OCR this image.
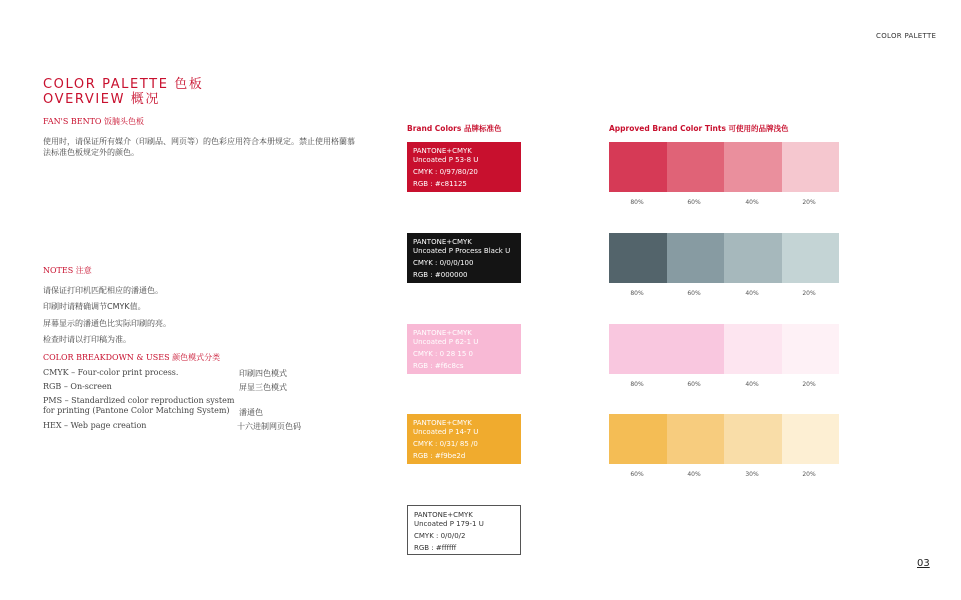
COLOR PALETTE
COLOR PALETTE 色板
OVERVIEW 概况
FAN'S BENTO 饭腩头色板
使用时，请保证所有媒介（印刷品、网页等）的色彩应用符合本册规定。禁止使用格蘭慕法标准色板规定外的颜色。
NOTES 注意
请保证打印机匹配相应的潘通色。
印刷时请精确调节CMYK值。
屏幕显示的潘通色比实际印刷的亮。
检查时请以打印稿为准。
COLOR BREAKDOWN & USES 颜色模式分类
CMYK – Four-color print process.	印刷四色模式
RGB – On-screen	屏显三色模式
PMS – Standardized color reproduction system for printing (Pantone Color Matching System)	潘通色
HEX – Web page creation	十六进制网页色码
Brand Colors 品牌标准色	Approved Brand Color Tints 可使用的品牌浅色
PANTONE+CMYK
Uncoated P 53-8 U
CMYK : 0/97/80/20
RGB : #c81125
PANTONE+CMYK
Uncoated P Process Black U
CMYK : 0/0/0/100
RGB : #000000
PANTONE+CMYK
Uncoated P 62-1 U
CMYK : 0 28 15 0
RGB : #f6c8cs
PANTONE+CMYK
Uncoated P 14-7 U
CMYK : 0/31/ 85 /0
RGB : #f9be2d
PANTONE+CMYK
Uncoated P 179-1 U
CMYK : 0/0/0/2
RGB : #ffffff
80%	60%	40%	20%
80%	60%	40%	20%
80%	60%	40%	20%
60%	40%	30%	20%
03
